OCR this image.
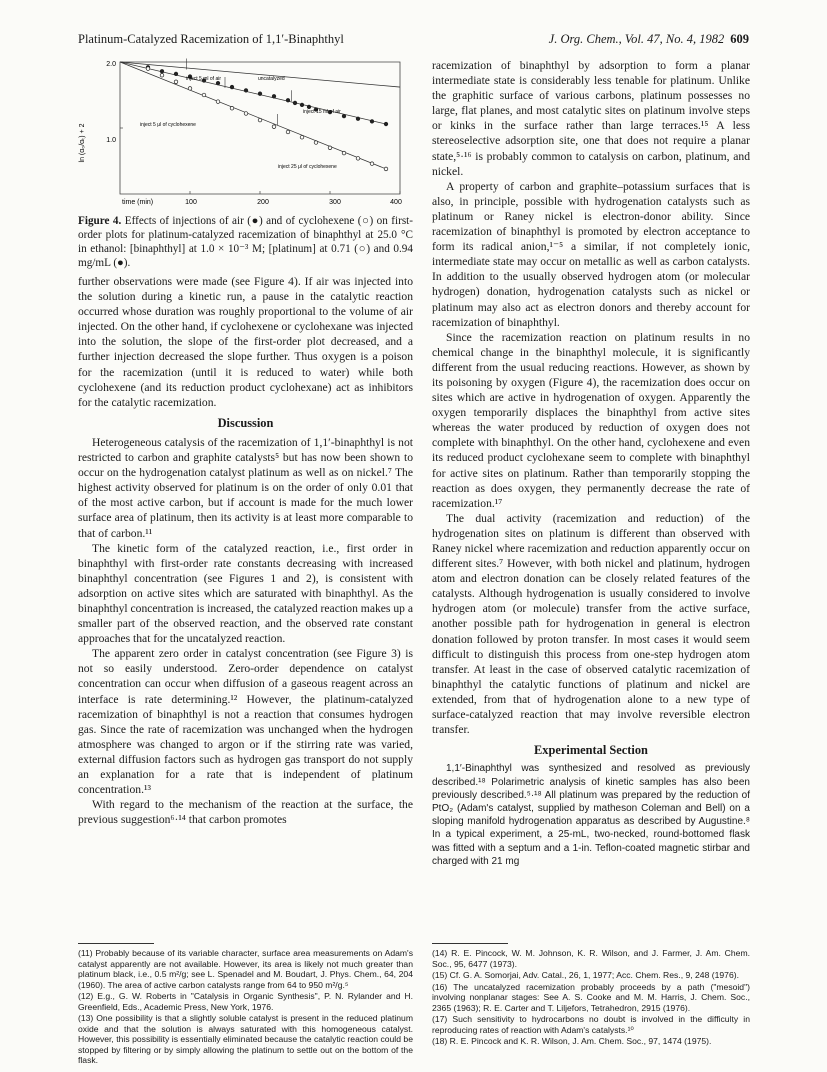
Platinum-Catalyzed Racemization of 1,1′-Binaphthyl	J. Org. Chem., Vol. 47, No. 4, 1982 609
ln (α₀/αₜ) + 2
2.0
1.0
time (min)	100	200	300	400
uncatalyzed
inject 5 ml of air
inject 15 ml of air
inject 5 μl of cyclohexene
inject 25 μl of cyclohexene

Figure 4. Effects of injections of air (●) and of cyclohexene (○) on first-order plots for platinum-catalyzed racemization of binaphthyl at 25.0 °C in ethanol: [binaphthyl] at 1.0 × 10⁻³ M; [platinum] at 0.71 (○) and 0.94 mg/mL (●).

further observations were made (see Figure 4). If air was injected into the solution during a kinetic run, a pause in the catalytic reaction occurred whose duration was roughly proportional to the volume of air injected. On the other hand, if cyclohexene or cyclohexane was injected into the solution, the slope of the first-order plot decreased, and a further injection decreased the slope further. Thus oxygen is a poison for the racemization (until it is reduced to water) while both cyclohexene (and its reduction product cyclohexane) act as inhibitors for the catalytic racemization.

Discussion

Heterogeneous catalysis of the racemization of 1,1′-binaphthyl is not restricted to carbon and graphite catalysts⁵ but has now been shown to occur on the hydrogenation catalyst platinum as well as on nickel.⁷ The highest activity observed for platinum is on the order of only 0.01 that of the most active carbon, but if account is made for the much lower surface area of platinum, then its activity is at least more comparable to that of carbon.¹¹

The kinetic form of the catalyzed reaction, i.e., first order in binaphthyl with first-order rate constants decreasing with increased binaphthyl concentration (see Figures 1 and 2), is consistent with adsorption on active sites which are saturated with binaphthyl. As the binaphthyl concentration is increased, the catalyzed reaction makes up a smaller part of the observed reaction, and the observed rate constant approaches that for the uncatalyzed reaction.

The apparent zero order in catalyst concentration (see Figure 3) is not so easily understood. Zero-order dependence on catalyst concentration can occur when diffusion of a gaseous reagent across an interface is rate determining.¹² However, the platinum-catalyzed racemization of binaphthyl is not a reaction that consumes hydrogen gas. Since the rate of racemization was unchanged when the hydrogen atmosphere was changed to argon or if the stirring rate was varied, external diffusion factors such as hydrogen gas transport do not supply an explanation for a rate that is independent of platinum concentration.¹³

With regard to the mechanism of the reaction at the surface, the previous suggestion⁶·¹⁴ that carbon promotes

racemization of binaphthyl by adsorption to form a planar intermediate state is considerably less tenable for platinum. Unlike the graphitic surface of various carbons, platinum possesses no large, flat planes, and most catalytic sites on platinum involve steps or kinks in the surface rather than large terraces.¹⁵ A less stereoselective adsorption site, one that does not require a planar state,⁵·¹⁶ is probably common to catalysis on carbon, platinum, and nickel.

A property of carbon and graphite–potassium surfaces that is also, in principle, possible with hydrogenation catalysts such as platinum or Raney nickel is electron-donor ability. Since racemization of binaphthyl is promoted by electron acceptance to form its radical anion,¹⁻⁵ a similar, if not completely ionic, intermediate state may occur on metallic as well as carbon catalysts. In addition to the usually observed hydrogen atom (or molecular hydrogen) donation, hydrogenation catalysts such as nickel or platinum may also act as electron donors and thereby account for racemization of binaphthyl.

Since the racemization reaction on platinum results in no chemical change in the binaphthyl molecule, it is significantly different from the usual reducing reactions. However, as shown by its poisoning by oxygen (Figure 4), the racemization does occur on sites which are active in hydrogenation of oxygen. Apparently the oxygen temporarily displaces the binaphthyl from active sites whereas the water produced by reduction of oxygen does not complete with binaphthyl. On the other hand, cyclohexene and even its reduced product cyclohexane seem to complete with binaphthyl for active sites on platinum. Rather than temporarily stopping the reaction as does oxygen, they permanently decrease the rate of racemization.¹⁷

The dual activity (racemization and reduction) of the hydrogenation sites on platinum is different than observed with Raney nickel where racemization and reduction apparently occur on different sites.⁷ However, with both nickel and platinum, hydrogen atom and electron donation can be closely related features of the catalysts. Although hydrogenation is usually considered to involve hydrogen atom (or molecule) transfer from the active surface, another possible path for hydrogenation in general is electron donation followed by proton transfer. In most cases it would seem difficult to distinguish this process from one-step hydrogen atom transfer. At least in the case of observed catalytic racemization of binaphthyl the catalytic functions of platinum and nickel are extended, from that of hydrogenation alone to a new type of surface-catalyzed reaction that may involve reversible electron transfer.

Experimental Section

1,1′-Binaphthyl was synthesized and resolved as previously described.¹⁸ Polarimetric analysis of kinetic samples has also been previously described.⁵·¹⁸ All platinum was prepared by the reduction of PtO₂ (Adam's catalyst, supplied by matheson Coleman and Bell) on a sloping manifold hydrogenation apparatus as described by Augustine.⁸ In a typical experiment, a 25-mL, two-necked, round-bottomed flask was fitted with a septum and a 1-in. Teflon-coated magnetic stirbar and charged with 21 mg

(11) Probably because of its variable character, surface area measurements on Adam's catalyst apparently are not available. However, its area is likely not much greater than platinum black, i.e., 0.5 m²/g; see L. Spenadel and M. Boudart, J. Phys. Chem., 64, 204 (1960). The area of active carbon catalysts range from 64 to 950 m²/g.⁵
(12) E.g., G. W. Roberts in "Catalysis in Organic Synthesis", P. N. Rylander and H. Greenfield, Eds., Academic Press, New York, 1976.
(13) One possibility is that a slightly soluble catalyst is present in the reduced platinum oxide and that the solution is always saturated with this homogeneous catalyst. However, this possibility is essentially eliminated because the catalytic reaction could be stopped by filtering or by simply allowing the platinum to settle out on the bottom of the flask.
(14) R. E. Pincock, W. M. Johnson, K. R. Wilson, and J. Farmer, J. Am. Chem. Soc., 95, 6477 (1973).
(15) Cf. G. A. Somorjai, Adv. Catal., 26, 1, 1977; Acc. Chem. Res., 9, 248 (1976).
(16) The uncatalyzed racemization probably proceeds by a path ("mesoid") involving nonplanar stages: See A. S. Cooke and M. M. Harris, J. Chem. Soc., 2365 (1963); R. E. Carter and T. Liljefors, Tetrahedron, 2915 (1976).
(17) Such sensitivity to hydrocarbons no doubt is involved in the difficulty in reproducing rates of reaction with Adam's catalysts.¹⁰
(18) R. E. Pincock and K. R. Wilson, J. Am. Chem. Soc., 97, 1474 (1975).
